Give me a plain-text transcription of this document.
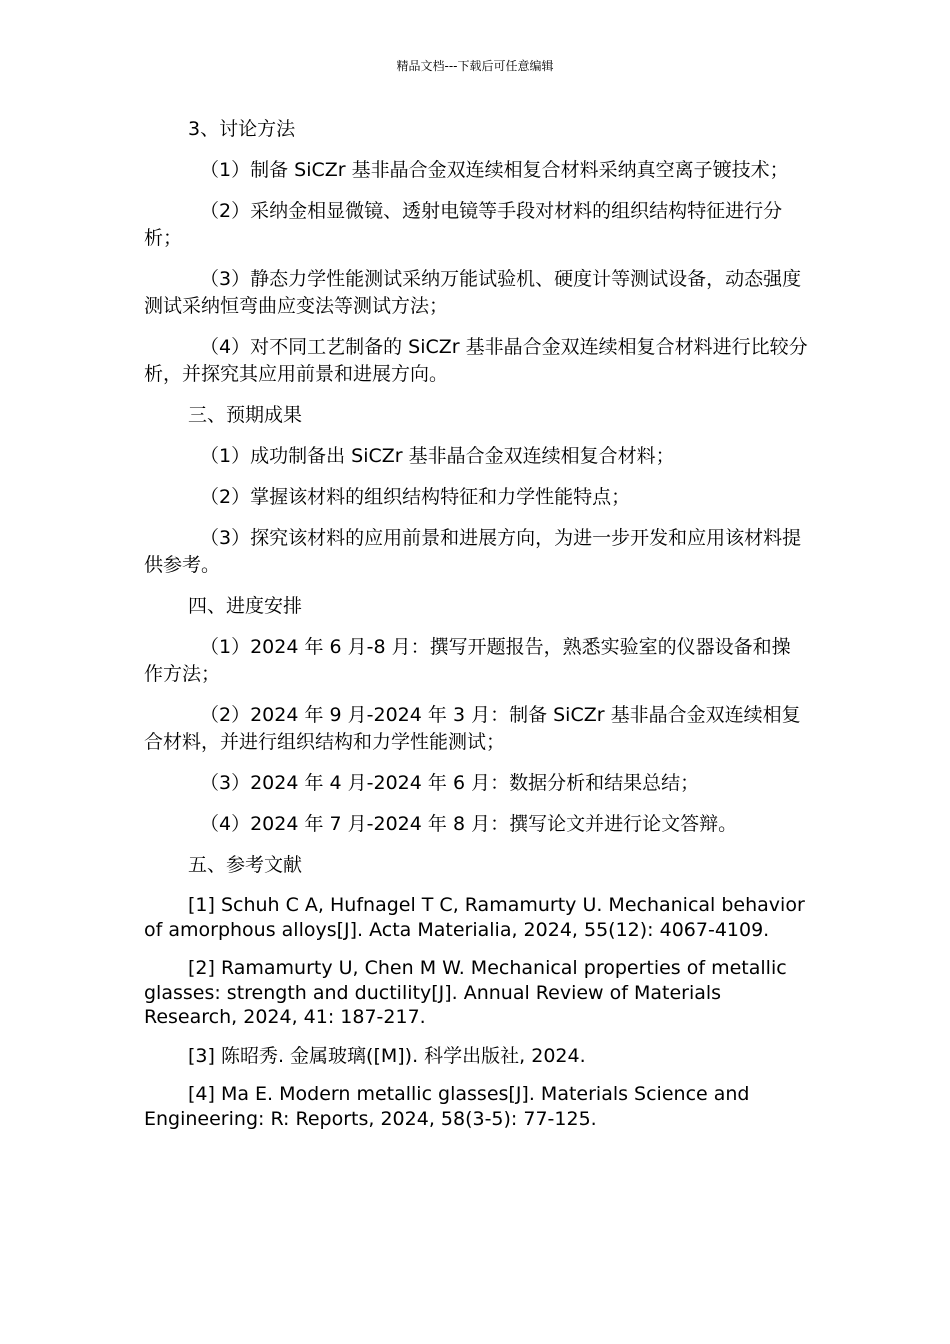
精品文档---下载后可任意编辑

3、讨论方法

（1）制备 SiCZr 基非晶合金双连续相复合材料采纳真空离子镀技术；

（2）采纳金相显微镜、透射电镜等手段对材料的组织结构特征进行分析；

（3）静态力学性能测试采纳万能试验机、硬度计等测试设备，动态强度测试采纳恒弯曲应变法等测试方法；

（4）对不同工艺制备的 SiCZr 基非晶合金双连续相复合材料进行比较分析，并探究其应用前景和进展方向。

三、预期成果

（1）成功制备出 SiCZr 基非晶合金双连续相复合材料；

（2）掌握该材料的组织结构特征和力学性能特点；

（3）探究该材料的应用前景和进展方向，为进一步开发和应用该材料提供参考。

四、进度安排

（1）2024 年 6 月-8 月：撰写开题报告，熟悉实验室的仪器设备和操作方法；

（2）2024 年 9 月-2024 年 3 月：制备 SiCZr 基非晶合金双连续相复合材料，并进行组织结构和力学性能测试；

（3）2024 年 4 月-2024 年 6 月：数据分析和结果总结；

（4）2024 年 7 月-2024 年 8 月：撰写论文并进行论文答辩。

五、参考文献

[1] Schuh C A, Hufnagel T C, Ramamurty U. Mechanical behavior of amorphous alloys[J]. Acta Materialia, 2024, 55(12): 4067-4109.

[2] Ramamurty U, Chen M W. Mechanical properties of metallic glasses: strength and ductility[J]. Annual Review of Materials Research, 2024, 41: 187-217.

[3] 陈昭秀. 金属玻璃([M]). 科学出版社, 2024.

[4] Ma E. Modern metallic glasses[J]. Materials Science and Engineering: R: Reports, 2024, 58(3-5): 77-125.
